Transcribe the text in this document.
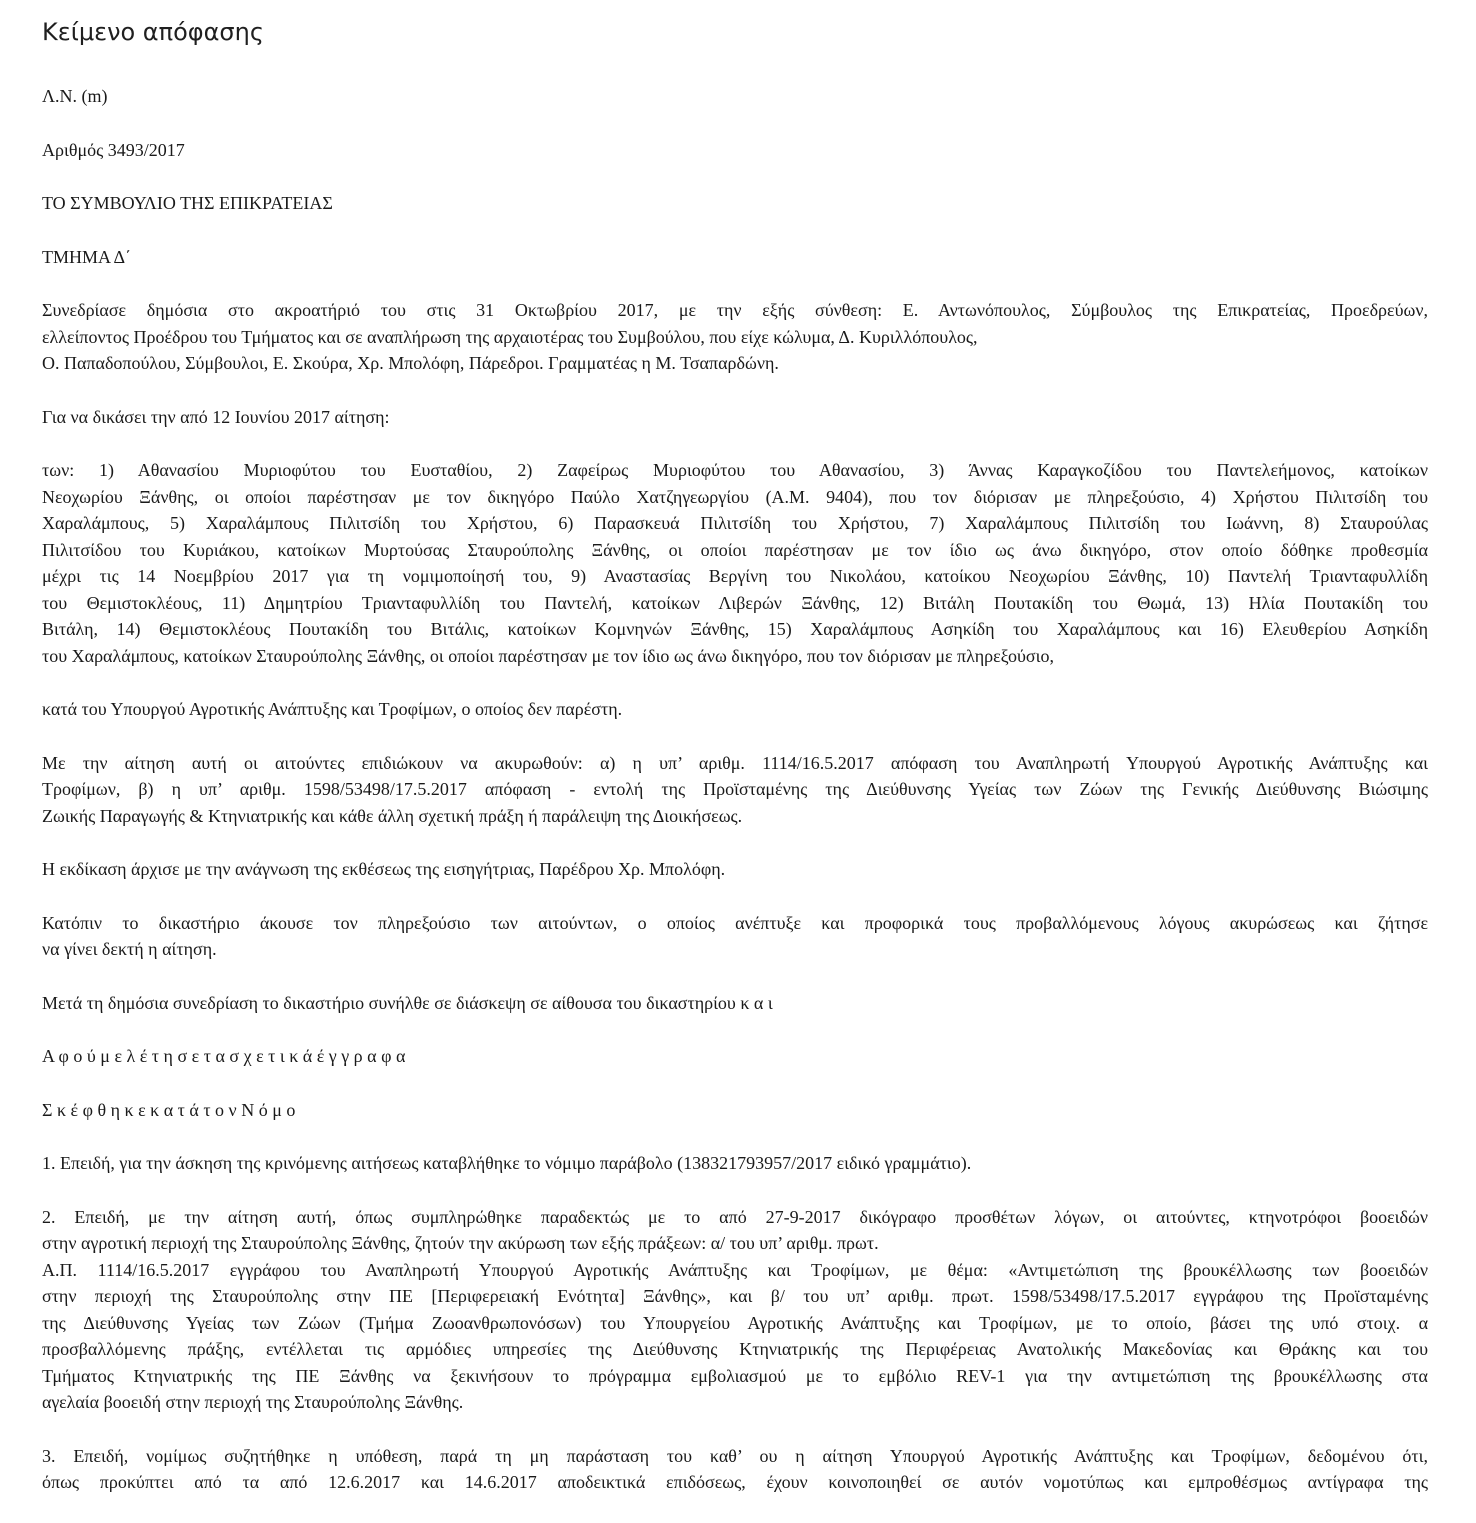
Κείμενο απόφασης

Λ.Ν. (m)

Αριθμός 3493/2017

ΤΟ ΣΥΜΒΟΥΛΙΟ ΤΗΣ ΕΠΙΚΡΑΤΕΙΑΣ

ΤΜΗΜΑ Δ΄

Συνεδρίασε δημόσια στο ακροατήριό του στις 31 Οκτωβρίου 2017, με την εξής σύνθεση: Ε. Αντωνόπουλος, Σύμβουλος της Επικρατείας, Προεδρεύων,
ελλείποντος Προέδρου του Τμήματος και σε αναπλήρωση της αρχαιοτέρας του Συμβούλου, που είχε κώλυμα, Δ. Κυριλλόπουλος,
Ο. Παπαδοπούλου, Σύμβουλοι, Ε. Σκούρα, Χρ. Μπολόφη, Πάρεδροι. Γραμματέας η Μ. Τσαπαρδώνη.

Για να δικάσει την από 12 Ιουνίου 2017 αίτηση:

των: 1) Αθανασίου Μυριοφύτου του Ευσταθίου, 2) Ζαφείρως Μυριοφύτου του Αθανασίου, 3) Άννας Καραγκοζίδου του Παντελεήμονος, κατοίκων
Νεοχωρίου Ξάνθης, οι οποίοι παρέστησαν με τον δικηγόρο Παύλο Χατζηγεωργίου (Α.Μ. 9404), που τον διόρισαν με πληρεξούσιο, 4) Χρήστου Πιλιτσίδη του
Χαραλάμπους, 5) Χαραλάμπους Πιλιτσίδη του Χρήστου, 6) Παρασκευά Πιλιτσίδη του Χρήστου, 7) Χαραλάμπους Πιλιτσίδη του Ιωάννη, 8) Σταυρούλας
Πιλιτσίδου του Κυριάκου, κατοίκων Μυρτούσας Σταυρούπολης Ξάνθης, οι οποίοι παρέστησαν με τον ίδιο ως άνω δικηγόρο, στον οποίο δόθηκε προθεσμία
μέχρι τις 14 Νοεμβρίου 2017 για τη νομιμοποίησή του, 9) Αναστασίας Βεργίνη του Νικολάου, κατοίκου Νεοχωρίου Ξάνθης, 10) Παντελή Τριανταφυλλίδη
του Θεμιστοκλέους, 11) Δημητρίου Τριανταφυλλίδη του Παντελή, κατοίκων Λιβερών Ξάνθης, 12) Βιτάλη Πουτακίδη του Θωμά, 13) Ηλία Πουτακίδη του
Βιτάλη, 14) Θεμιστοκλέους Πουτακίδη του Βιτάλις, κατοίκων Κομνηνών Ξάνθης, 15) Χαραλάμπους Ασηκίδη του Χαραλάμπους και 16) Ελευθερίου Ασηκίδη
του Χαραλάμπους, κατοίκων Σταυρούπολης Ξάνθης, οι οποίοι παρέστησαν με τον ίδιο ως άνω δικηγόρο, που τον διόρισαν με πληρεξούσιο,

κατά του Υπουργού Αγροτικής Ανάπτυξης και Τροφίμων, ο οποίος δεν παρέστη.

Με την αίτηση αυτή οι αιτούντες επιδιώκουν να ακυρωθούν: α) η υπ’ αριθμ. 1114/16.5.2017 απόφαση του Αναπληρωτή Υπουργού Αγροτικής Ανάπτυξης και
Τροφίμων, β) η υπ’ αριθμ. 1598/53498/17.5.2017 απόφαση - εντολή της Προϊσταμένης της Διεύθυνσης Υγείας των Ζώων της Γενικής Διεύθυνσης Βιώσιμης
Ζωικής Παραγωγής & Κτηνιατρικής και κάθε άλλη σχετική πράξη ή παράλειψη της Διοικήσεως.

Η εκδίκαση άρχισε με την ανάγνωση της εκθέσεως της εισηγήτριας, Παρέδρου Χρ. Μπολόφη.

Κατόπιν το δικαστήριο άκουσε τον πληρεξούσιο των αιτούντων, ο οποίος ανέπτυξε και προφορικά τους προβαλλόμενους λόγους ακυρώσεως και ζήτησε
να γίνει δεκτή η αίτηση.

Μετά τη δημόσια συνεδρίαση το δικαστήριο συνήλθε σε διάσκεψη σε αίθουσα του δικαστηρίου κ α ι

Α φ ο ύ μ ε λ έ τ η σ ε τ α σ χ ε τ ι κ ά έ γ γ ρ α φ α

Σ κ έ φ θ η κ ε κ α τ ά τ ο ν Ν ό μ ο

1. Επειδή, για την άσκηση της κρινόμενης αιτήσεως καταβλήθηκε το νόμιμο παράβολο (138321793957/2017 ειδικό γραμμάτιο).

2. Επειδή, με την αίτηση αυτή, όπως συμπληρώθηκε παραδεκτώς με το από 27-9-2017 δικόγραφο προσθέτων λόγων, οι αιτούντες, κτηνοτρόφοι βοοειδών
στην αγροτική περιοχή της Σταυρούπολης Ξάνθης, ζητούν την ακύρωση των εξής πράξεων: α/ του υπ’ αριθμ. πρωτ.
Α.Π. 1114/16.5.2017 εγγράφου του Αναπληρωτή Υπουργού Αγροτικής Ανάπτυξης και Τροφίμων, με θέμα: «Αντιμετώπιση της βρουκέλλωσης των βοοειδών
στην περιοχή της Σταυρούπολης στην ΠΕ [Περιφερειακή Ενότητα] Ξάνθης», και β/ του υπ’ αριθμ. πρωτ. 1598/53498/17.5.2017 εγγράφου της Προϊσταμένης
της Διεύθυνσης Υγείας των Ζώων (Τμήμα Ζωοανθρωπονόσων) του Υπουργείου Αγροτικής Ανάπτυξης και Τροφίμων, με το οποίο, βάσει της υπό στοιχ. α
προσβαλλόμενης πράξης, εντέλλεται τις αρμόδιες υπηρεσίες της Διεύθυνσης Κτηνιατρικής της Περιφέρειας Ανατολικής Μακεδονίας και Θράκης και του
Τμήματος Κτηνιατρικής της ΠΕ Ξάνθης να ξεκινήσουν το πρόγραμμα εμβολιασμού με το εμβόλιο REV-1 για την αντιμετώπιση της βρουκέλλωσης στα
αγελαία βοοειδή στην περιοχή της Σταυρούπολης Ξάνθης.
3. Επειδή, νομίμως συζητήθηκε η υπόθεση, παρά τη μη παράσταση του καθ’ ου η αίτηση Υπουργού Αγροτικής Ανάπτυξης και Τροφίμων, δεδομένου ότι,
όπως προκύπτει από τα από 12.6.2017 και 14.6.2017 αποδεικτικά επιδόσεως, έχουν κοινοποιηθεί σε αυτόν νομοτύπως και εμπροθέσμως αντίγραφα της
